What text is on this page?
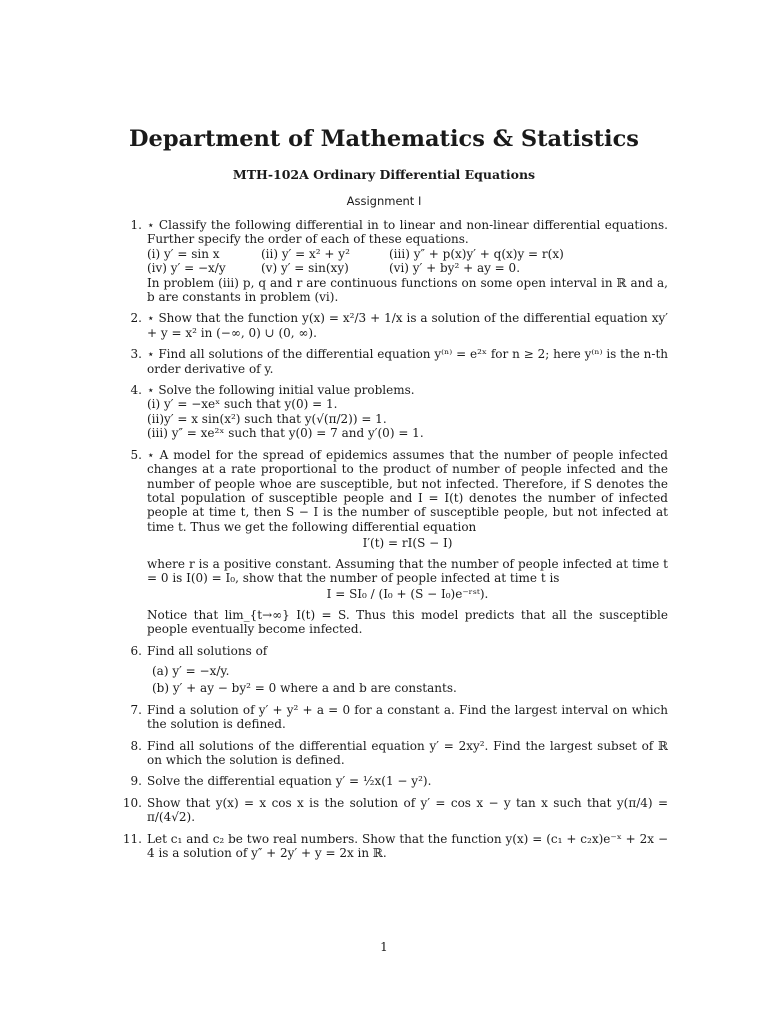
Department of Mathematics & Statistics
MTH-102A Ordinary Differential Equations
Assignment I
1. ⋆ Classify the following differential in to linear and non-linear differential equations. Further specify the order of each of these equations.

(i) y′ = sin x	(ii) y′ = x² + y²	(iii) y″ + p(x)y′ + q(x)y = r(x)
(iv) y′ = −x/y	(v) y′ = sin(xy)	(vi) y′ + by² + ay = 0.

In problem (iii) p, q and r are continuous functions on some open interval in ℝ and a, b are constants in problem (vi).

2. ⋆ Show that the function y(x) = x²/3 + 1/x is a solution of the differential equation xy′ + y = x² in (−∞, 0) ∪ (0, ∞).

3. ⋆ Find all solutions of the differential equation y⁽ⁿ⁾ = e²ˣ for n ≥ 2; here y⁽ⁿ⁾ is the n-th order derivative of y.

4. ⋆ Solve the following initial value problems.

(i) y′ = −xeˣ such that y(0) = 1.
(ii)y′ = x sin(x²) such that y(√(π/2)) = 1.
(iii) y″ = xe²ˣ such that y(0) = 7 and y′(0) = 1.
5. ⋆ A model for the spread of epidemics assumes that the number of people infected changes at a rate proportional to the product of number of people infected and the number of people whoe are susceptible, but not infected. Therefore, if S denotes the total population of susceptible people and I = I(t) denotes the number of infected people at time t, then S − I is the number of susceptible people, but not infected at time t. Thus we get the following differential equation

I′(t) = rI(S − I)

where r is a positive constant. Assuming that the number of people infected at time t = 0 is I(0) = I₀, show that the number of people infected at time t is

I = SI₀ / (I₀ + (S − I₀)e⁻ʳˢᵗ).

Notice that lim_{t→∞} I(t) = S. Thus this model predicts that all the susceptible people eventually become infected.

6. Find all solutions of

(a) y′ = −x/y.
(b) y′ + ay − by² = 0 where a and b are constants.
7. Find a solution of y′ + y² + a = 0 for a constant a. Find the largest interval on which the solution is defined.

8. Find all solutions of the differential equation y′ = 2xy². Find the largest subset of ℝ on which the solution is defined.

9. Solve the differential equation y′ = ½x(1 − y²).

10. Show that y(x) = x cos x is the solution of y′ = cos x − y tan x such that y(π/4) = π/(4√2).

11. Let c₁ and c₂ be two real numbers. Show that the function y(x) = (c₁ + c₂x)e⁻ˣ + 2x − 4 is a solution of y″ + 2y′ + y = 2x in ℝ.

1
